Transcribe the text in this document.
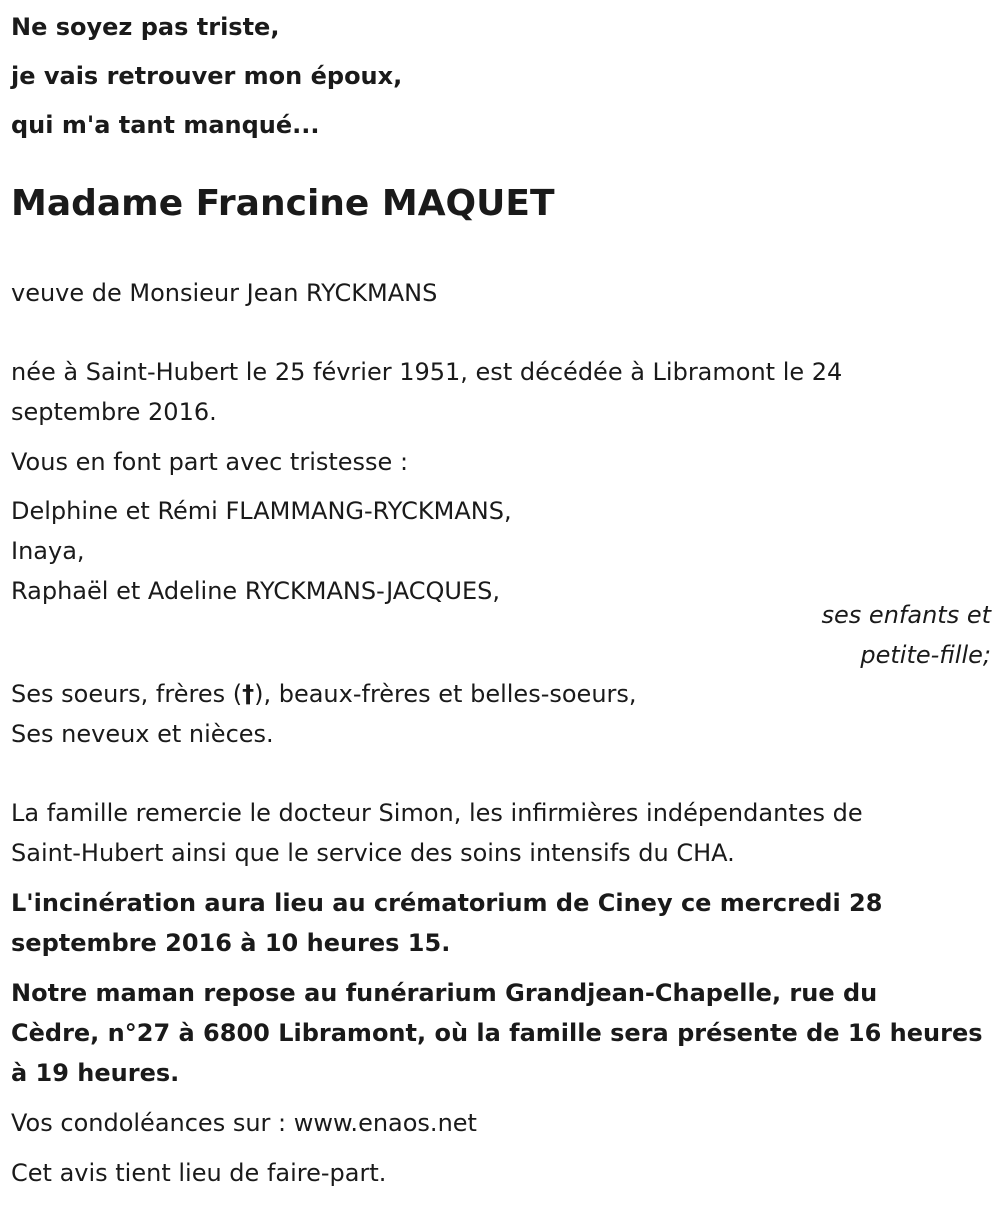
Ne soyez pas triste,
je vais retrouver mon époux,
qui m'a tant manqué...
Madame Francine MAQUET
veuve de Monsieur Jean RYCKMANS
née à Saint-Hubert le 25 février 1951, est décédée à Libramont le 24
septembre 2016.
Vous en font part avec tristesse :
Delphine et Rémi FLAMMANG-RYCKMANS,
Inaya,
Raphaël et Adeline RYCKMANS-JACQUES,
ses enfants et
petite-fille;
Ses soeurs, frères (†), beaux-frères et belles-soeurs,
Ses neveux et nièces.
La famille remercie le docteur Simon, les infirmières indépendantes de
Saint-Hubert ainsi que le service des soins intensifs du CHA.
L'incinération aura lieu au crématorium de Ciney ce mercredi 28
septembre 2016 à 10 heures 15.
Notre maman repose au funérarium Grandjean-Chapelle, rue du
Cèdre, n°27 à 6800 Libramont, où la famille sera présente de 16 heures
à 19 heures.
Vos condoléances sur : www.enaos.net
Cet avis tient lieu de faire-part.
